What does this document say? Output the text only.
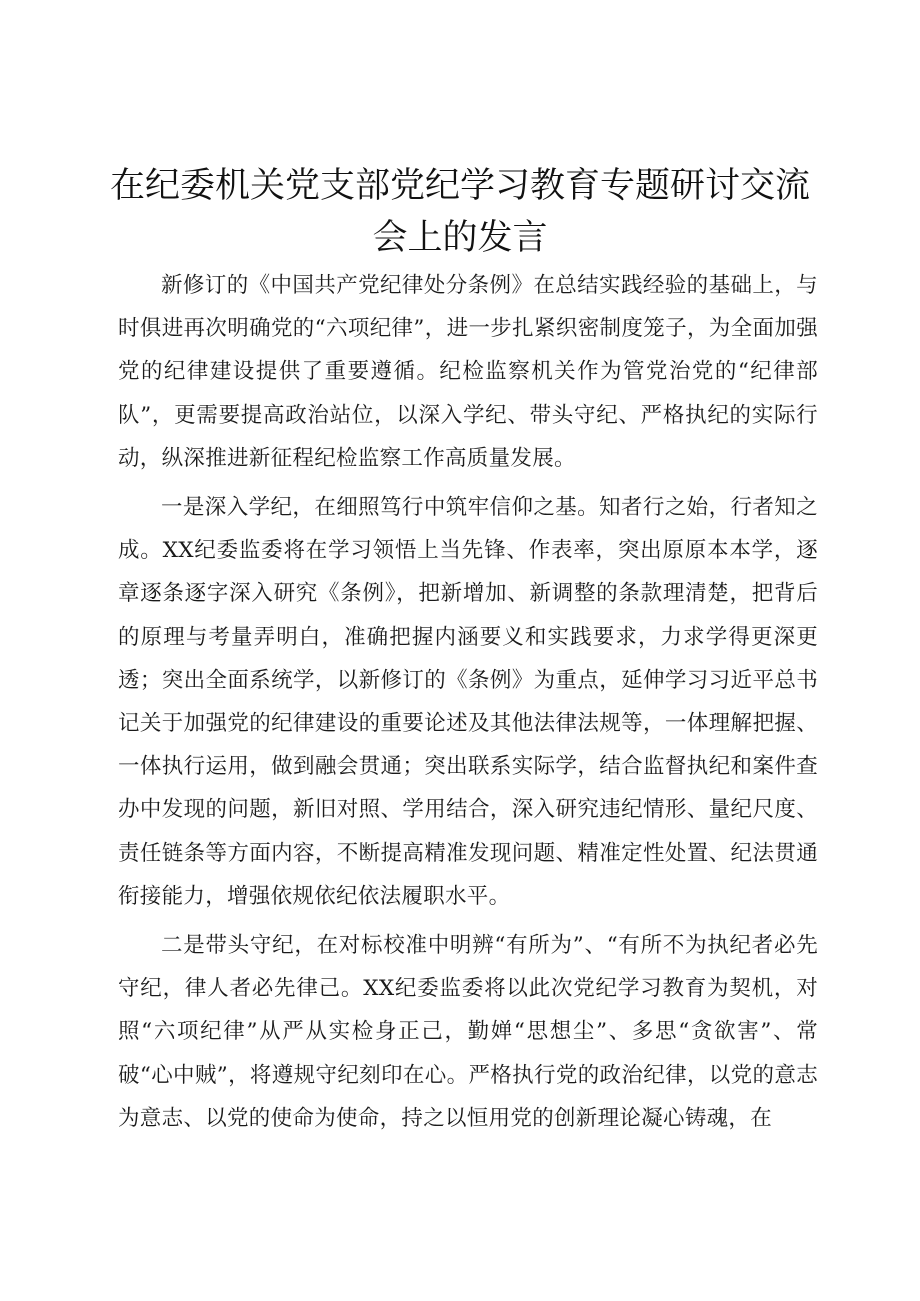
在纪委机关党支部党纪学习教育专题研讨交流
会上的发言

新修订的《中国共产党纪律处分条例》在总结实践经验的基础上，与时俱进再次明确党的“六项纪律”，进一步扎紧织密制度笼子，为全面加强党的纪律建设提供了重要遵循。纪检监察机关作为管党治党的“纪律部队”，更需要提高政治站位，以深入学纪、带头守纪、严格执纪的实际行动，纵深推进新征程纪检监察工作高质量发展。

一是深入学纪，在细照笃行中筑牢信仰之基。知者行之始，行者知之成。XX纪委监委将在学习领悟上当先锋、作表率，突出原原本本学，逐章逐条逐字深入研究《条例》，把新增加、新调整的条款理清楚，把背后的原理与考量弄明白，准确把握内涵要义和实践要求，力求学得更深更透；突出全面系统学，以新修订的《条例》为重点，延伸学习习近平总书记关于加强党的纪律建设的重要论述及其他法律法规等，一体理解把握、一体执行运用，做到融会贯通；突出联系实际学，结合监督执纪和案件查办中发现的问题，新旧对照、学用结合，深入研究违纪情形、量纪尺度、责任链条等方面内容，不断提高精准发现问题、精准定性处置、纪法贯通衔接能力，增强依规依纪依法履职水平。

二是带头守纪，在对标校准中明辨“有所为”、“有所不为执纪者必先守纪，律人者必先律己。XX纪委监委将以此次党纪学习教育为契机，对照“六项纪律”从严从实检身正己，勤婵“思想尘”、多思“贪欲害”、常破“心中贼”，将遵规守纪刻印在心。严格执行党的政治纪律，以党的意志为意志、以党的使命为使命，持之以恒用党的创新理论凝心铸魂，在
